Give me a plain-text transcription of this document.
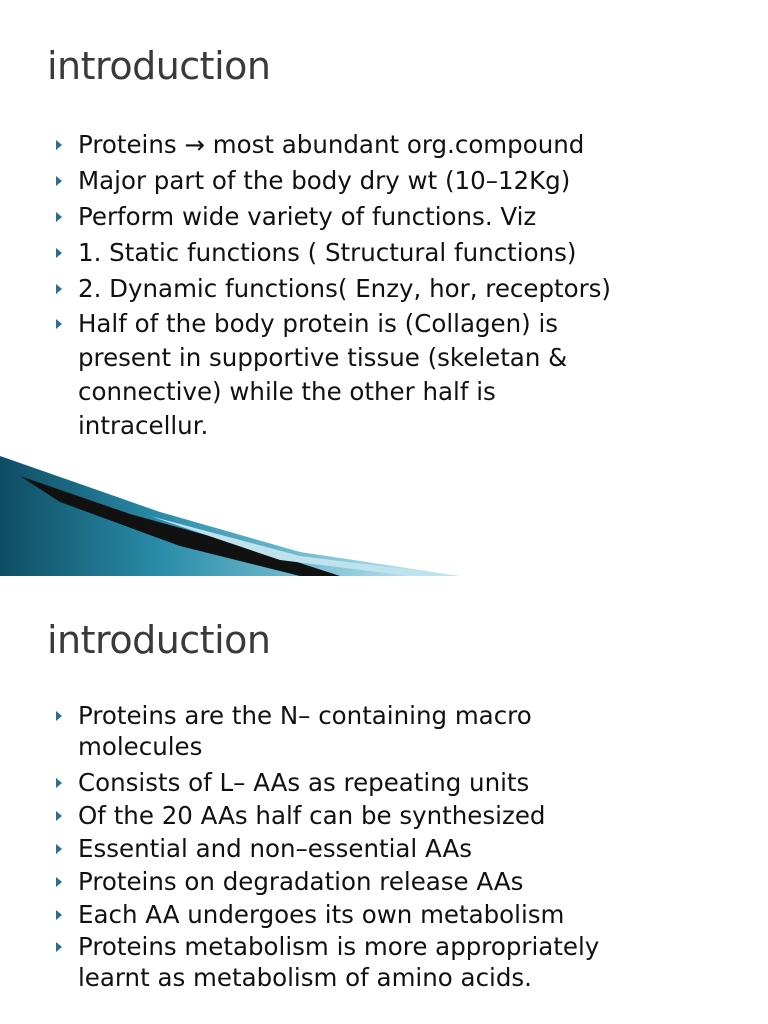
introduction
Proteins → most abundant org.compound
Major part of the body dry wt (10–12Kg)
Perform wide variety of functions. Viz
1. Static functions ( Structural functions)
2. Dynamic functions( Enzy, hor, receptors)
Half of the body protein is (Collagen) is
present in supportive tissue (skeletan &
connective) while the other half is
intracellur.
introduction
Proteins are the N– containing macro
molecules
Consists of L– AAs as repeating units
Of the 20 AAs half can be synthesized
Essential and non–essential AAs
Proteins on degradation release AAs
Each AA undergoes its own metabolism
Proteins metabolism is more appropriately
learnt as metabolism of amino acids.
